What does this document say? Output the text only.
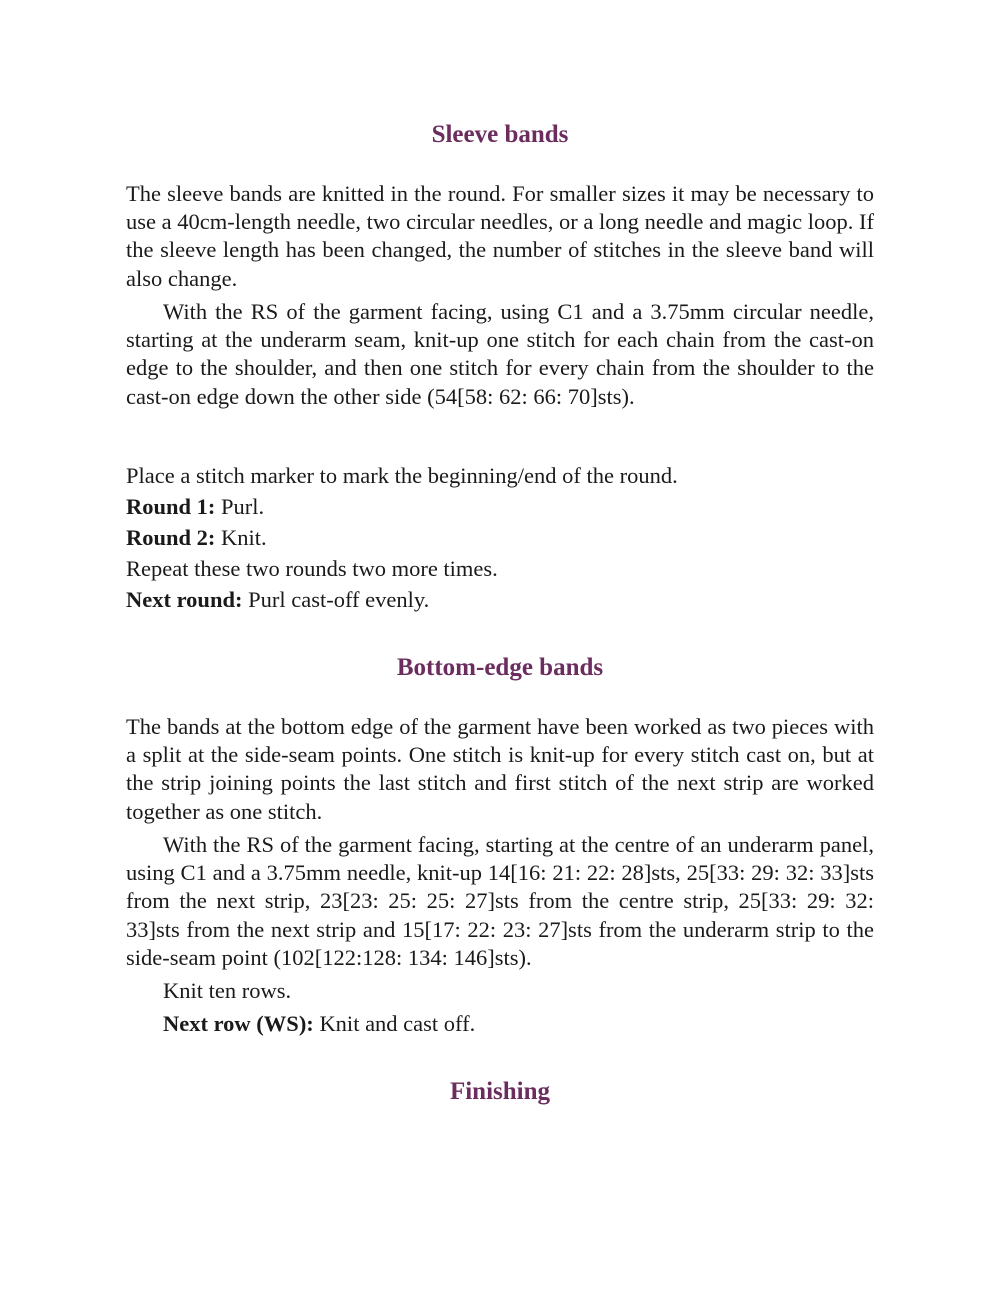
Sleeve bands

The sleeve bands are knitted in the round. For smaller sizes it may be necessary to use a 40cm-length needle, two circular needles, or a long needle and magic loop. If the sleeve length has been changed, the number of stitches in the sleeve band will also change.

With the RS of the garment facing, using C1 and a 3.75mm circular needle, starting at the underarm seam, knit-up one stitch for each chain from the cast-on edge to the shoulder, and then one stitch for every chain from the shoulder to the cast-on edge down the other side (54[58: 62: 66: 70]sts).

Place a stitch marker to mark the beginning/end of the round.

Round 1: Purl.

Round 2: Knit.

Repeat these two rounds two more times.

Next round: Purl cast-off evenly.

Bottom-edge bands

The bands at the bottom edge of the garment have been worked as two pieces with a split at the side-seam points. One stitch is knit-up for every stitch cast on, but at the strip joining points the last stitch and first stitch of the next strip are worked together as one stitch.

With the RS of the garment facing, starting at the centre of an underarm panel, using C1 and a 3.75mm needle, knit-up 14[16: 21: 22: 28]sts, 25[33: 29: 32: 33]sts from the next strip, 23[23: 25: 25: 27]sts from the centre strip, 25[33: 29: 32: 33]sts from the next strip and 15[17: 22: 23: 27]sts from the underarm strip to the side-seam point (102[122:128: 134: 146]sts).

Knit ten rows.

Next row (WS): Knit and cast off.

Finishing
